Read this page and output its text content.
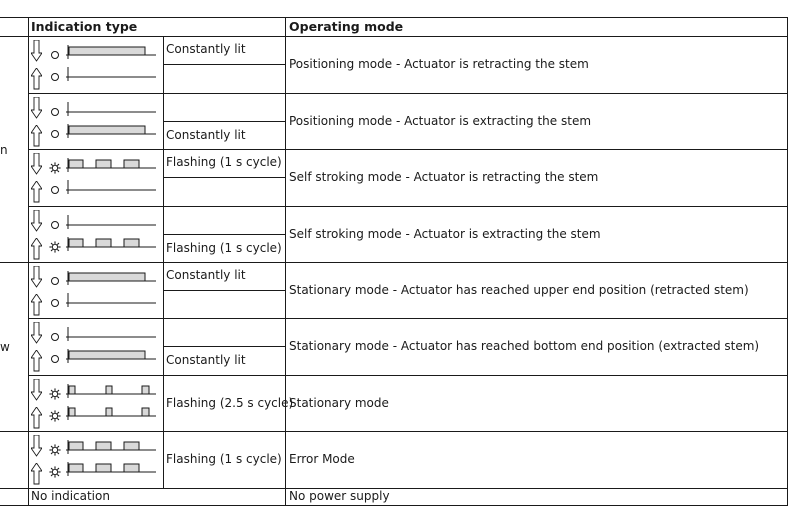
Indication type	Operating mode
n
w
Constantly lit
Positioning mode - Actuator is retracting the stem
Constantly lit
Positioning mode - Actuator is extracting the stem
Flashing (1 s cycle)
Self stroking mode - Actuator is retracting the stem
Flashing (1 s cycle)
Self stroking mode - Actuator is extracting the stem
Constantly lit
Stationary mode - Actuator has reached upper end position (retracted stem)
Constantly lit
Stationary mode - Actuator has reached bottom end position (extracted stem)
Flashing (2.5 s cycle)
Stationary mode
Flashing (1 s cycle) Error Mode
No indication	No power supply
